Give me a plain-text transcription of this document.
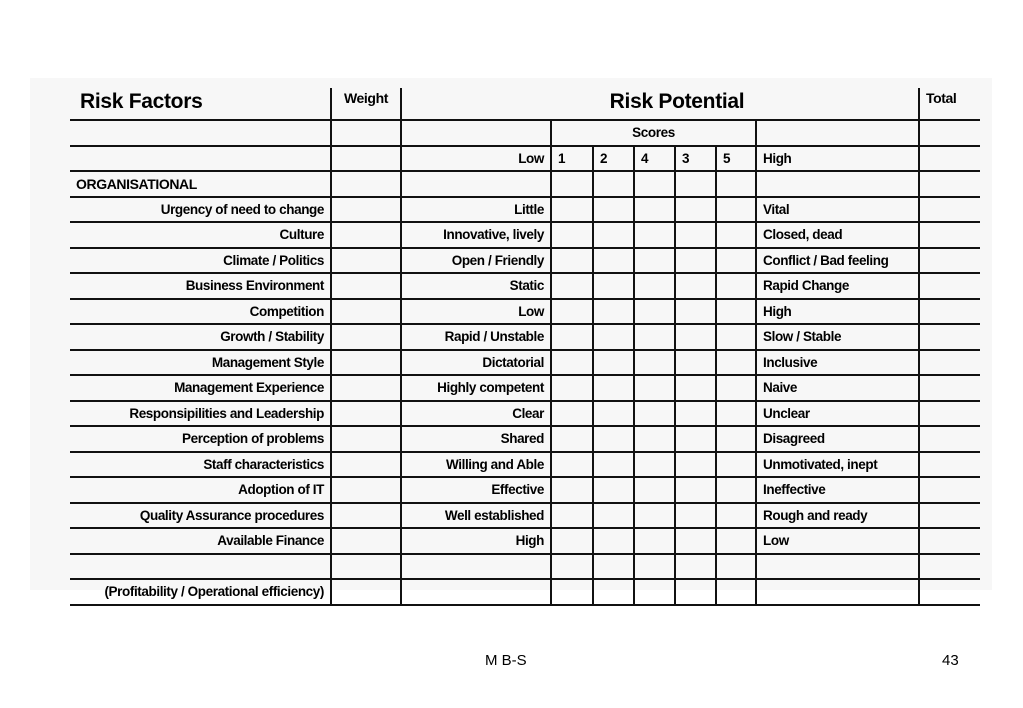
Risk Factors	Weight	Risk Potential							Total
			Scores						
		Low	1	2	4	3	5	High	
ORGANISATIONAL									
Urgency of need to change		Little						Vital	
Culture		Innovative, lively						Closed, dead	
Climate / Politics		Open / Friendly						Conflict / Bad feeling	
Business Environment		Static						Rapid Change	
Competition		Low						High	
Growth / Stability		Rapid / Unstable						Slow / Stable	
Management Style		Dictatorial						Inclusive	
Management Experience		Highly competent						Naive	
Responsipilities and Leadership		Clear						Unclear	
Perception of problems		Shared						Disagreed	
Staff characteristics		Willing and Able						Unmotivated, inept	
Adoption of IT		Effective						Ineffective	
Quality Assurance procedures		Well established						Rough and ready	
Available Finance		High						Low	

(Profitability / Operational efficiency)									
M B-S	43
